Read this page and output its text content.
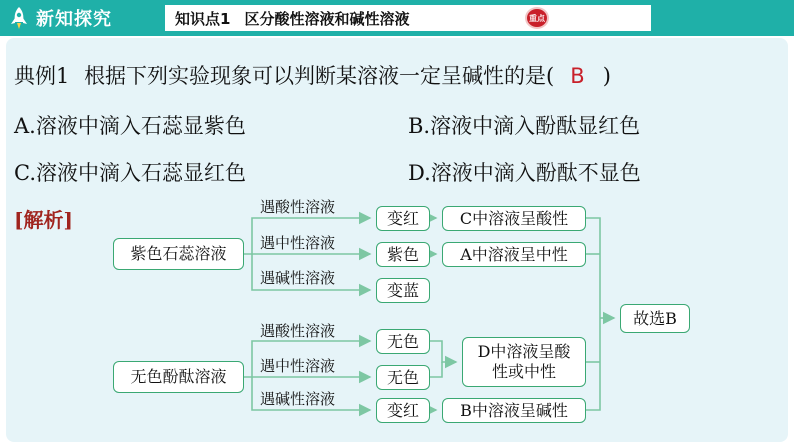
新知探究	知识点1 区分酸性溶液和碱性溶液	重点
典例1 根据下列实验现象可以判断某溶液一定呈碱性的是( B )
A.溶液中滴入石蕊显紫色	B.溶液中滴入酚酞显红色
C.溶液中滴入石蕊显红色	D.溶液中滴入酚酞不显色
[解析]
紫色石蕊溶液
无色酚酞溶液
遇酸性溶液
遇中性溶液
遇碱性溶液
遇酸性溶液
遇中性溶液
遇碱性溶液
变红
紫色
变蓝
无色
无色
变红
C中溶液呈酸性
A中溶液呈中性
D中溶液呈酸
性或中性
B中溶液呈碱性
故选B
